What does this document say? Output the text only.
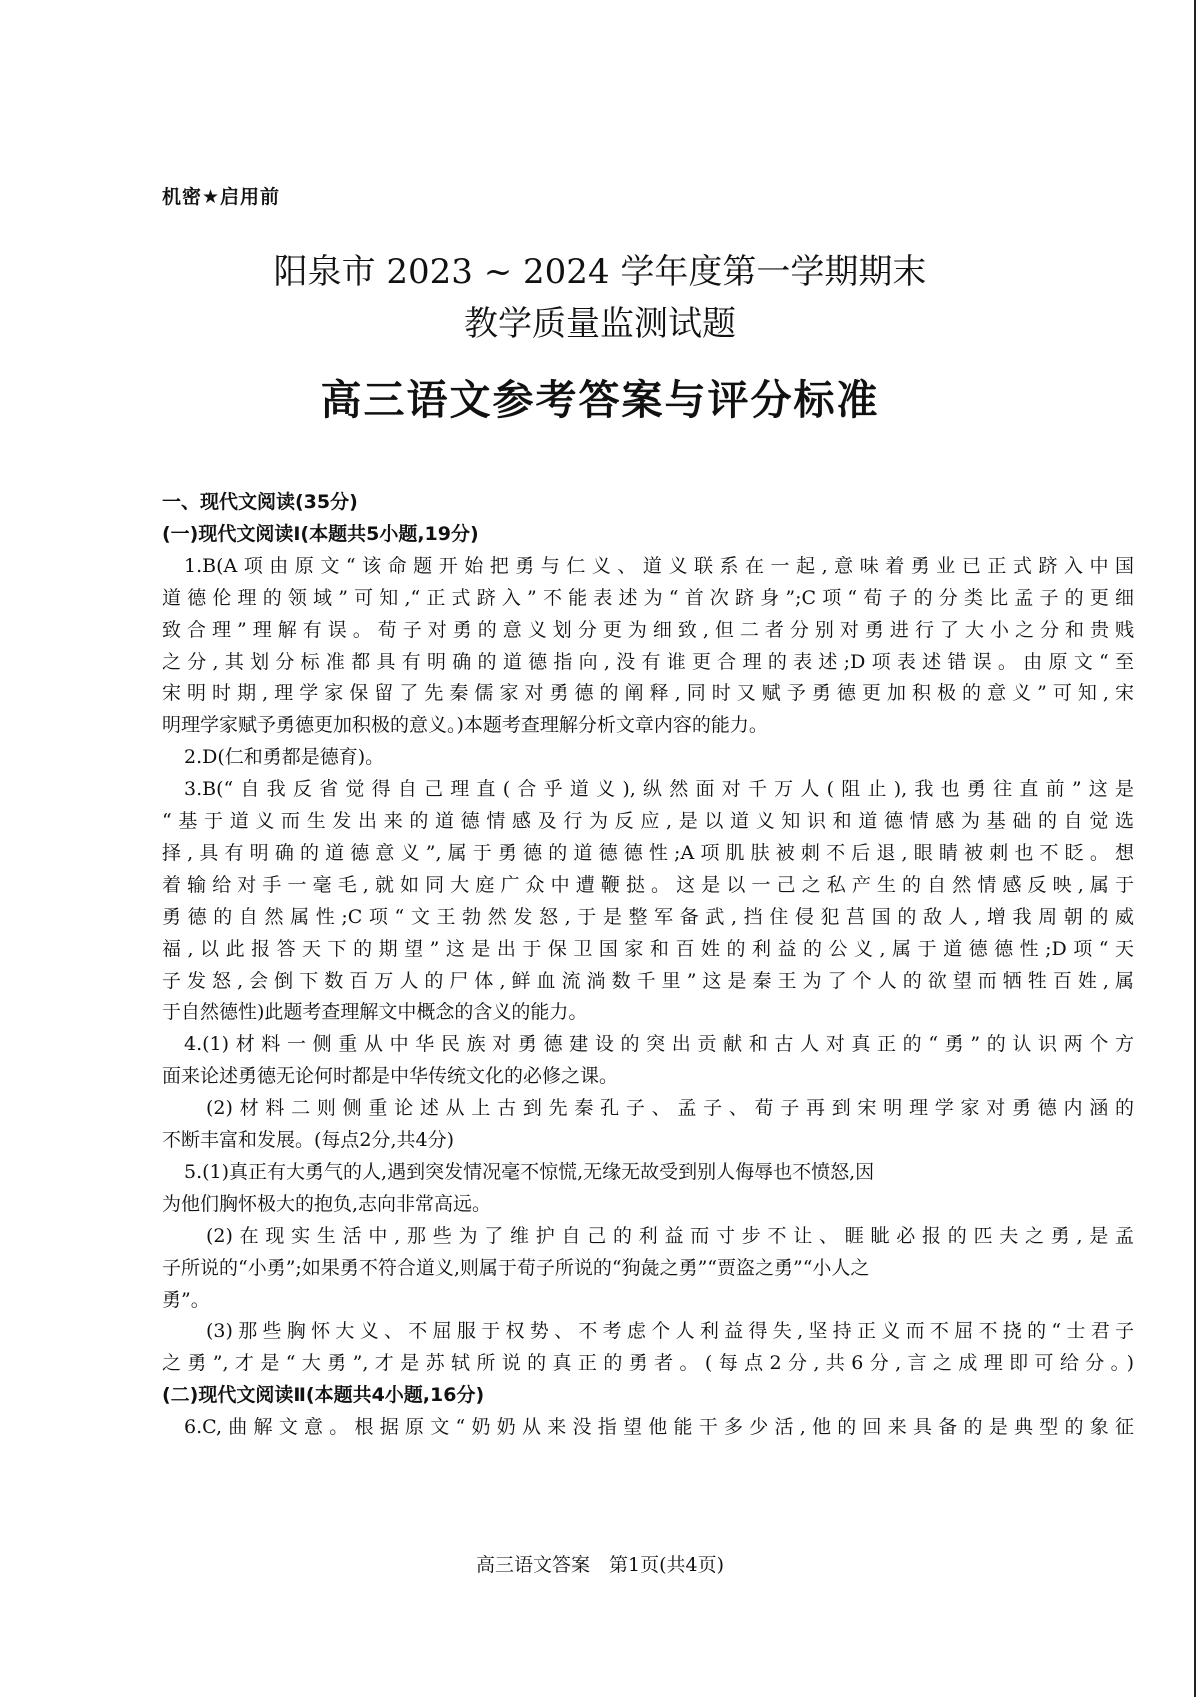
机密★启用前
阳泉市 2023 ~ 2024 学年度第一学期期末
教学质量监测试题
高三语文参考答案与评分标准
一、现代文阅读(35分)
(一)现代文阅读Ⅰ(本题共5小题,19分)
1.B(A项由原文“该命题开始把勇与仁义、道义联系在一起,意味着勇业已正式跻入中国
道德伦理的领域”可知,“正式跻入”不能表述为“首次跻身”;C项“荀子的分类比孟子的更细
致合理”理解有误。荀子对勇的意义划分更为细致,但二者分别对勇进行了大小之分和贵贱
之分,其划分标准都具有明确的道德指向,没有谁更合理的表述;D项表述错误。由原文“至
宋明时期,理学家保留了先秦儒家对勇德的阐释,同时又赋予勇德更加积极的意义”可知,宋
明理学家赋予勇德更加积极的意义。)本题考查理解分析文章内容的能力。
2.D(仁和勇都是德育)。
3.B(“自我反省觉得自己理直(合乎道义),纵然面对千万人(阻止),我也勇往直前”这是
“基于道义而生发出来的道德情感及行为反应,是以道义知识和道德情感为基础的自觉选
择,具有明确的道德意义”,属于勇德的道德德性;A项肌肤被刺不后退,眼睛被刺也不眨。想
着输给对手一毫毛,就如同大庭广众中遭鞭挞。这是以一己之私产生的自然情感反映,属于
勇德的自然属性;C项“文王勃然发怒,于是整军备武,挡住侵犯莒国的敌人,增我周朝的威
福,以此报答天下的期望”这是出于保卫国家和百姓的利益的公义,属于道德德性;D项“天
子发怒,会倒下数百万人的尸体,鲜血流淌数千里”这是秦王为了个人的欲望而牺牲百姓,属
于自然德性)此题考查理解文中概念的含义的能力。
4.(1)材料一侧重从中华民族对勇德建设的突出贡献和古人对真正的“勇”的认识两个方
面来论述勇德无论何时都是中华传统文化的必修之课。
(2)材料二则侧重论述从上古到先秦孔子、孟子、荀子再到宋明理学家对勇德内涵的
不断丰富和发展。(每点2分,共4分)
5.(1)真正有大勇气的人,遇到突发情况毫不惊慌,无缘无故受到别人侮辱也不愤怒,因
为他们胸怀极大的抱负,志向非常高远。
(2)在现实生活中,那些为了维护自己的利益而寸步不让、睚眦必报的匹夫之勇,是孟
子所说的“小勇”;如果勇不符合道义,则属于荀子所说的“狗彘之勇”“贾盗之勇”“小人之
勇”。
(3)那些胸怀大义、不屈服于权势、不考虑个人利益得失,坚持正义而不屈不挠的“士君子
之勇”,才是“大勇”,才是苏轼所说的真正的勇者。(每点2分,共6分,言之成理即可给分。)
(二)现代文阅读Ⅱ(本题共4小题,16分)
6.C,曲解文意。根据原文“奶奶从来没指望他能干多少活,他的回来具备的是典型的象征
高三语文答案　第1页(共4页)
